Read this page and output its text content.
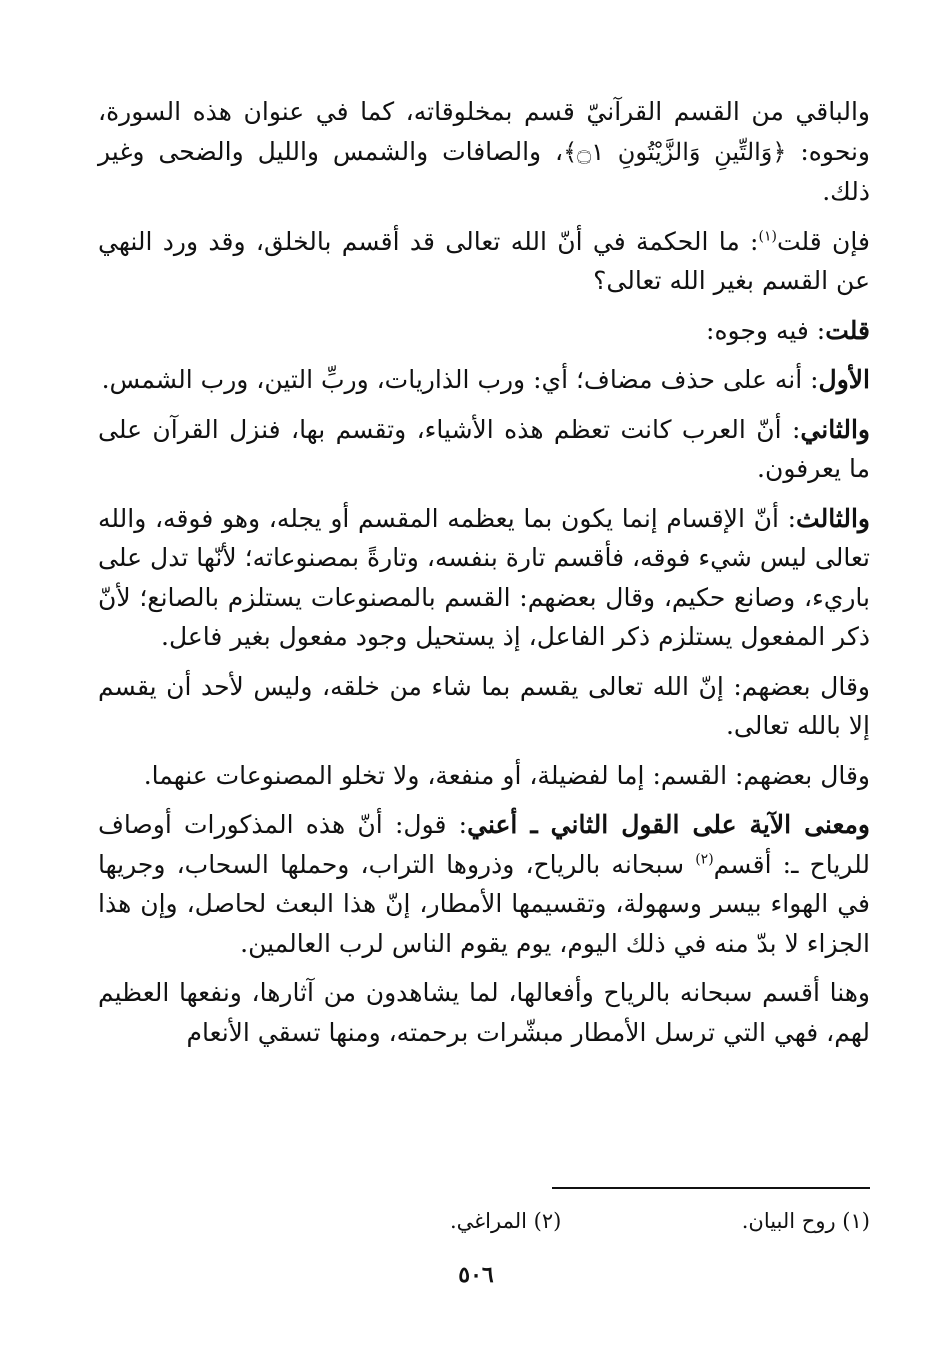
والباقي من القسم القرآنيّ قسم بمخلوقاته، كما في عنوان هذه السورة، ونحوه: ﴿وَالتِّينِ وَالزَّيْتُونِ ۝١﴾، والصافات والشمس والليل والضحى وغير ذلك.

فإن قلت$^{(١)}$: ما الحكمة في أنّ الله تعالى قد أقسم بالخلق، وقد ورد النهي عن القسم بغير الله تعالى؟

قلت: فيه وجوه:

الأول: أنه على حذف مضاف؛ أي: ورب الذاريات، وربِّ التين، ورب الشمس.

والثاني: أنّ العرب كانت تعظم هذه الأشياء، وتقسم بها، فنزل القرآن على ما يعرفون.

والثالث: أنّ الإقسام إنما يكون بما يعظمه المقسم أو يجله، وهو فوقه، والله تعالى ليس شيء فوقه، فأقسم تارة بنفسه، وتارةً بمصنوعاته؛ لأنّها تدل على باريء، وصانع حكيم، وقال بعضهم: القسم بالمصنوعات يستلزم بالصانع؛ لأنّ ذكر المفعول يستلزم ذكر الفاعل، إذ يستحيل وجود مفعول بغير فاعل.

وقال بعضهم: إنّ الله تعالى يقسم بما شاء من خلقه، وليس لأحد أن يقسم إلا بالله تعالى.

وقال بعضهم: القسم: إما لفضيلة، أو منفعة، ولا تخلو المصنوعات عنهما.

ومعنى الآية على القول الثاني ـ أعني: قول: أنّ هذه المذكورات أوصاف للرياح ـ: أقسم$^{(٢)}$ سبحانه بالرياح، وذروها التراب، وحملها السحاب، وجريها في الهواء بيسر وسهولة، وتقسيمها الأمطار، إنّ هذا البعث لحاصل، وإن هذا الجزاء لا بدّ منه في ذلك اليوم، يوم يقوم الناس لرب العالمين.

وهنا أقسم سبحانه بالرياح وأفعالها، لما يشاهدون من آثارها، ونفعها العظيم لهم، فهي التي ترسل الأمطار مبشّرات برحمته، ومنها تسقي الأنعام

(١) روح البيان.
(٢) المراغي.
٥٠٦
